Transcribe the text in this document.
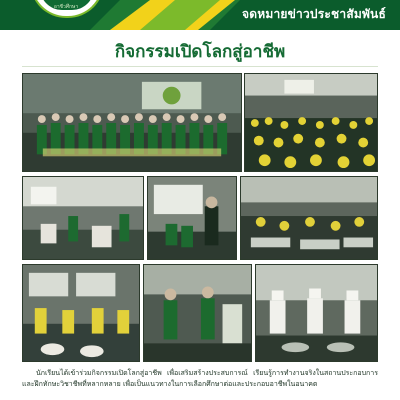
อาชีวศึกษา	จดหมายข่าวประชาสัมพันธ์
กิจกรรมเปิดโลกสู่อาชีพ
นักเรียนได้เข้าร่วมกิจกรรมเปิดโลกสู่อาชีพ เพื่อเสริมสร้างประสบการณ์ เรียนรู้การทำงานจริงในสถานประกอบการ และฝึกทักษะวิชาชีพที่หลากหลาย เพื่อเป็นแนวทางในการเลือกศึกษาต่อและประกอบอาชีพในอนาคต
